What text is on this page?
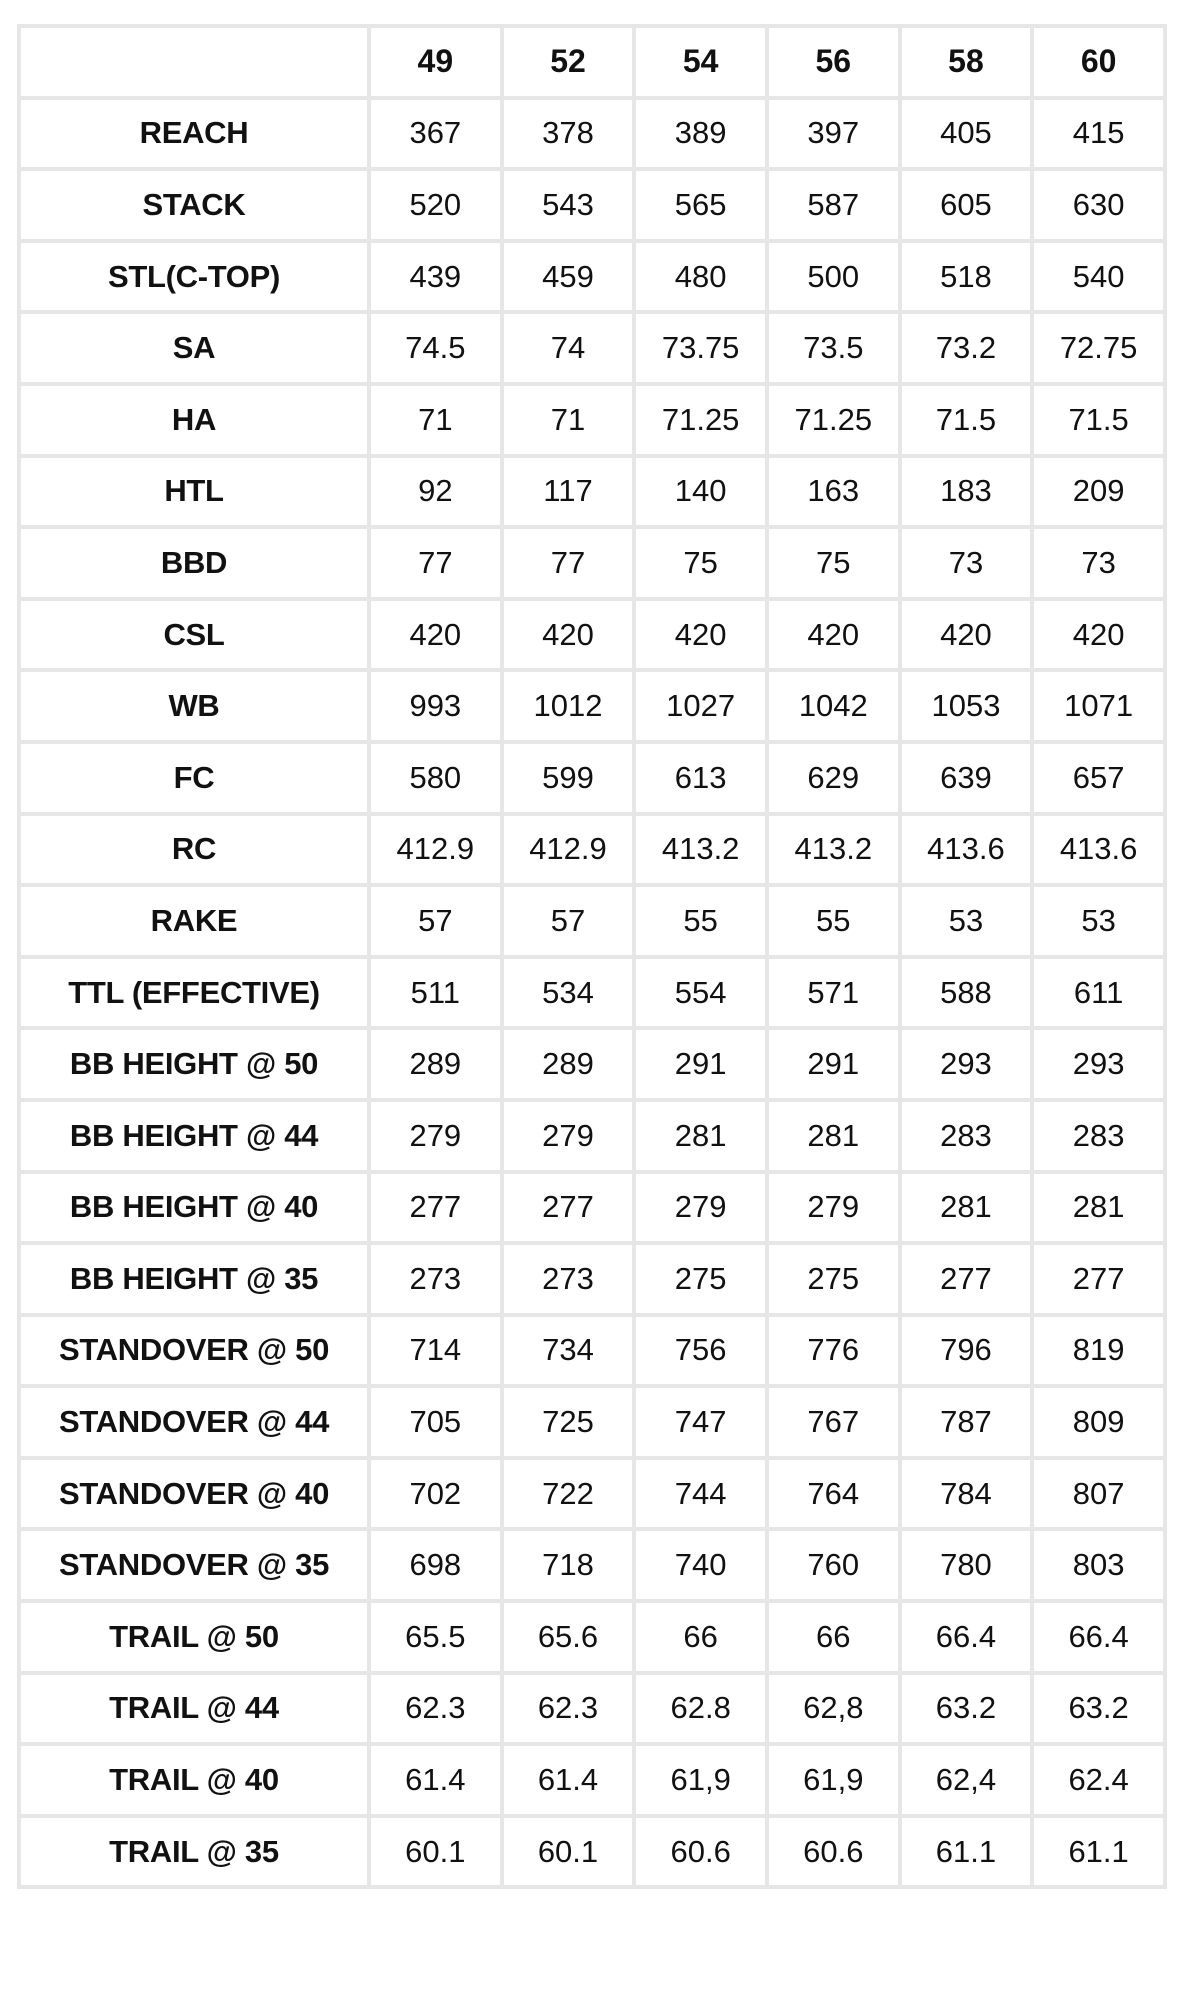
	49	52	54	56	58	60
REACH	367	378	389	397	405	415
STACK	520	543	565	587	605	630
STL(C-TOP)	439	459	480	500	518	540
SA	74.5	74	73.75	73.5	73.2	72.75
HA	71	71	71.25	71.25	71.5	71.5
HTL	92	117	140	163	183	209
BBD	77	77	75	75	73	73
CSL	420	420	420	420	420	420
WB	993	1012	1027	1042	1053	1071
FC	580	599	613	629	639	657
RC	412.9	412.9	413.2	413.2	413.6	413.6
RAKE	57	57	55	55	53	53
TTL (EFFECTIVE)	511	534	554	571	588	611
BB HEIGHT @ 50	289	289	291	291	293	293
BB HEIGHT @ 44	279	279	281	281	283	283
BB HEIGHT @ 40	277	277	279	279	281	281
BB HEIGHT @ 35	273	273	275	275	277	277
STANDOVER @ 50	714	734	756	776	796	819
STANDOVER @ 44	705	725	747	767	787	809
STANDOVER @ 40	702	722	744	764	784	807
STANDOVER @ 35	698	718	740	760	780	803
TRAIL @ 50	65.5	65.6	66	66	66.4	66.4
TRAIL @ 44	62.3	62.3	62.8	62,8	63.2	63.2
TRAIL @ 40	61.4	61.4	61,9	61,9	62,4	62.4
TRAIL @ 35	60.1	60.1	60.6	60.6	61.1	61.1
